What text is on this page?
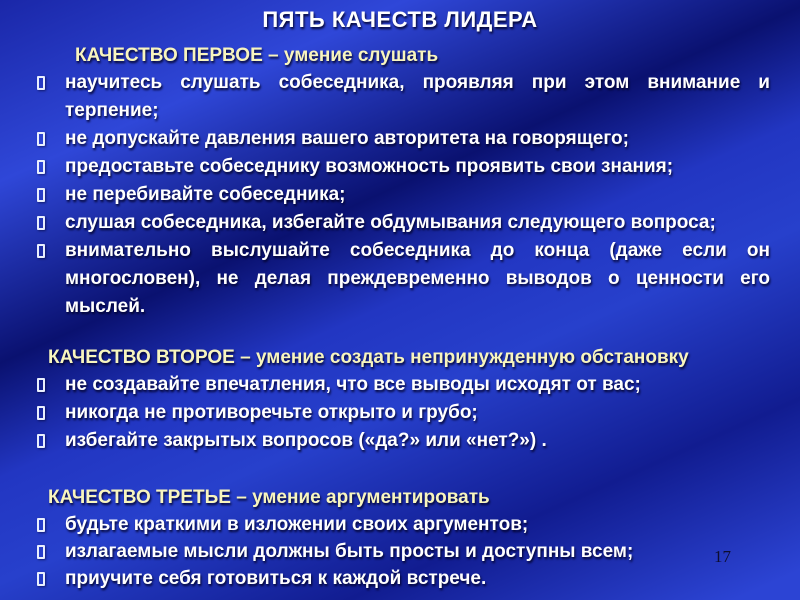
ПЯТЬ КАЧЕСТВ ЛИДЕРА
КАЧЕСТВО ПЕРВОЕ – умение слушать
научитесь слушать собеседника, проявляя при этом внимание и
терпение;
не допускайте давления вашего авторитета на говорящего;
предоставьте собеседнику возможность проявить свои знания;
не перебивайте собеседника;
слушая собеседника, избегайте обдумывания следующего вопроса;
внимательно выслушайте собеседника до конца (даже если он
многословен), не делая преждевременно выводов о ценности его
мыслей.
КАЧЕСТВО ВТОРОЕ – умение создать непринужденную обстановку
не создавайте впечатления, что все выводы исходят от вас;
никогда не противоречьте открыто и грубо;
избегайте закрытых вопросов («да?» или «нет?») .
КАЧЕСТВО ТРЕТЬЕ – умение аргументировать
будьте краткими в изложении своих аргументов;
излагаемые мысли должны быть просты и доступны всем;
приучите себя готовиться к каждой встрече.
17
